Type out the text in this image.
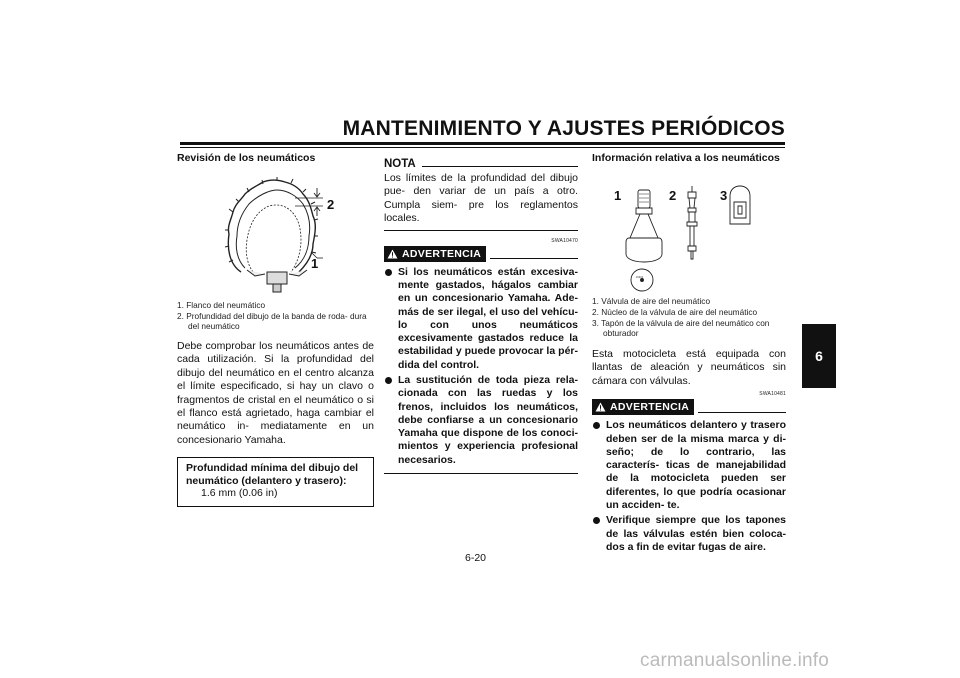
MANTENIMIENTO Y AJUSTES PERIÓDICOS
6
Revisión de los neumáticos
2
1
1. Flanco del neumático
2. Profundidad del dibujo de la banda de roda- dura del neumático

Debe comprobar los neumáticos antes de cada utilización. Si la profundidad del dibujo del neumático en el centro alcanza el límite especificado, si hay un clavo o fragmentos de cristal en el neumático o si el flanco está agrietado, haga cambiar el neumático in- mediatamente en un concesionario Yamaha.

Profundidad mínima del dibujo del neumático (delantero y trasero):
1.6 mm (0.06 in)
NOTA

Los límites de la profundidad del dibujo pue- den variar de un país a otro. Cumpla siem- pre los reglamentos locales.

SWA10470
ADVERTENCIA
Si los neumáticos están excesiva- mente gastados, hágalos cambiar en un concesionario Yamaha. Ade- más de ser ilegal, el uso del vehícu- lo con unos neumáticos excesivamente gastados reduce la estabilidad y puede provocar la pér- dida del control.
La sustitución de toda pieza rela- cionada con las ruedas y los frenos, incluidos los neumáticos, debe confiarse a un concesionario Yamaha que dispone de los conoci- mientos y experiencia profesional necesarios.
Información relativa a los neumáticos
1	2	3
•••••
1. Válvula de aire del neumático
2. Núcleo de la válvula de aire del neumático
3. Tapón de la válvula de aire del neumático con obturador

Esta motocicleta está equipada con llantas de aleación y neumáticos sin cámara con válvulas.

SWA10481
ADVERTENCIA
Los neumáticos delantero y trasero deben ser de la misma marca y di- seño; de lo contrario, las caracterís- ticas de manejabilidad de la motocicleta pueden ser diferentes, lo que podría ocasionar un acciden- te.
Verifique siempre que los tapones de las válvulas estén bien coloca- dos a fin de evitar fugas de aire.
6-20
carmanualsonline.info
